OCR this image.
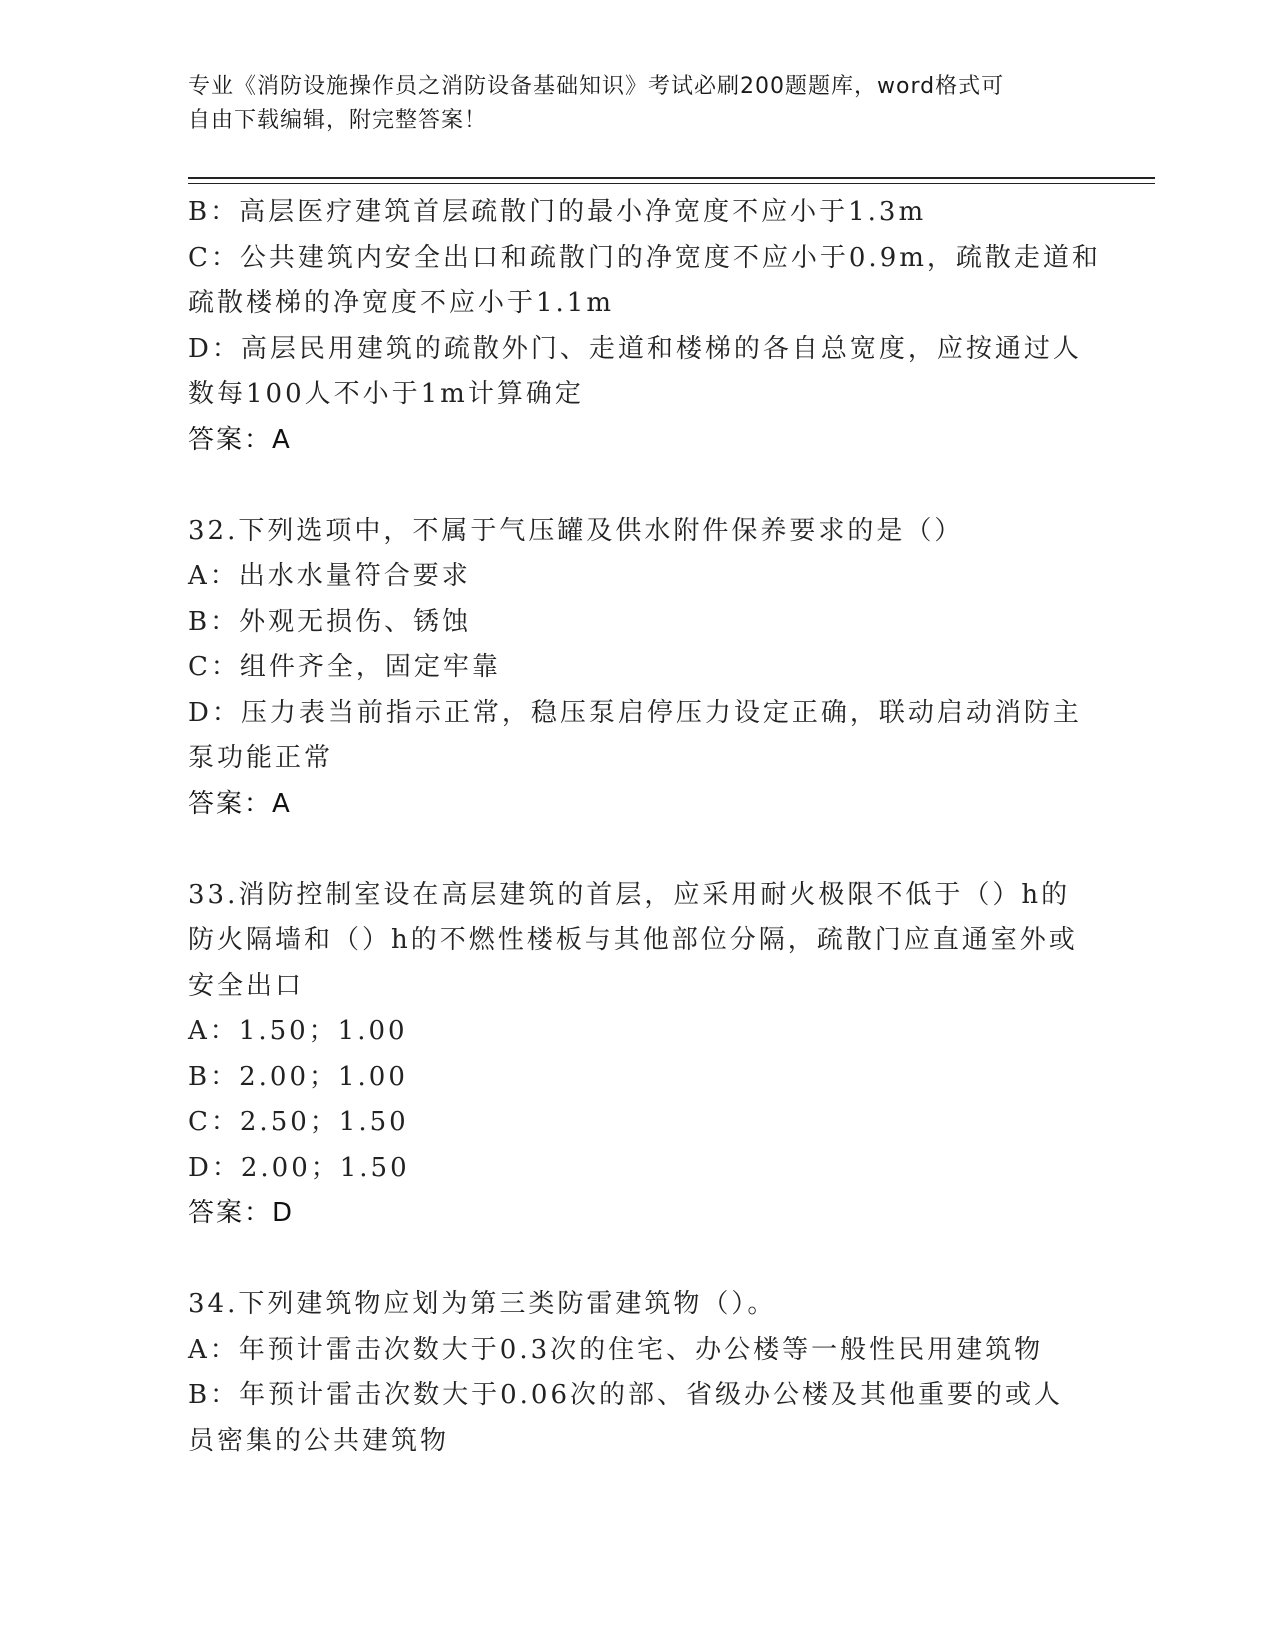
专业《消防设施操作员之消防设备基础知识》考试必刷200题题库，word格式可
自由下载编辑，附完整答案！
B：高层医疗建筑首层疏散门的最小净宽度不应小于1.3m
C：公共建筑内安全出口和疏散门的净宽度不应小于0.9m，疏散走道和
疏散楼梯的净宽度不应小于1.1m
D：高层民用建筑的疏散外门、走道和楼梯的各自总宽度，应按通过人
数每100人不小于1m计算确定
答案：A
32.下列选项中，不属于气压罐及供水附件保养要求的是（）
A：出水水量符合要求
B：外观无损伤、锈蚀
C：组件齐全，固定牢靠
D：压力表当前指示正常，稳压泵启停压力设定正确，联动启动消防主
泵功能正常
答案：A
33.消防控制室设在高层建筑的首层，应采用耐火极限不低于（）h的
防火隔墙和（）h的不燃性楼板与其他部位分隔，疏散门应直通室外或
安全出口
A：1.50；1.00
B：2.00；1.00
C：2.50；1.50
D：2.00；1.50
答案：D
34.下列建筑物应划为第三类防雷建筑物（）。
A：年预计雷击次数大于0.3次的住宅、办公楼等一般性民用建筑物
B：年预计雷击次数大于0.06次的部、省级办公楼及其他重要的或人
员密集的公共建筑物
